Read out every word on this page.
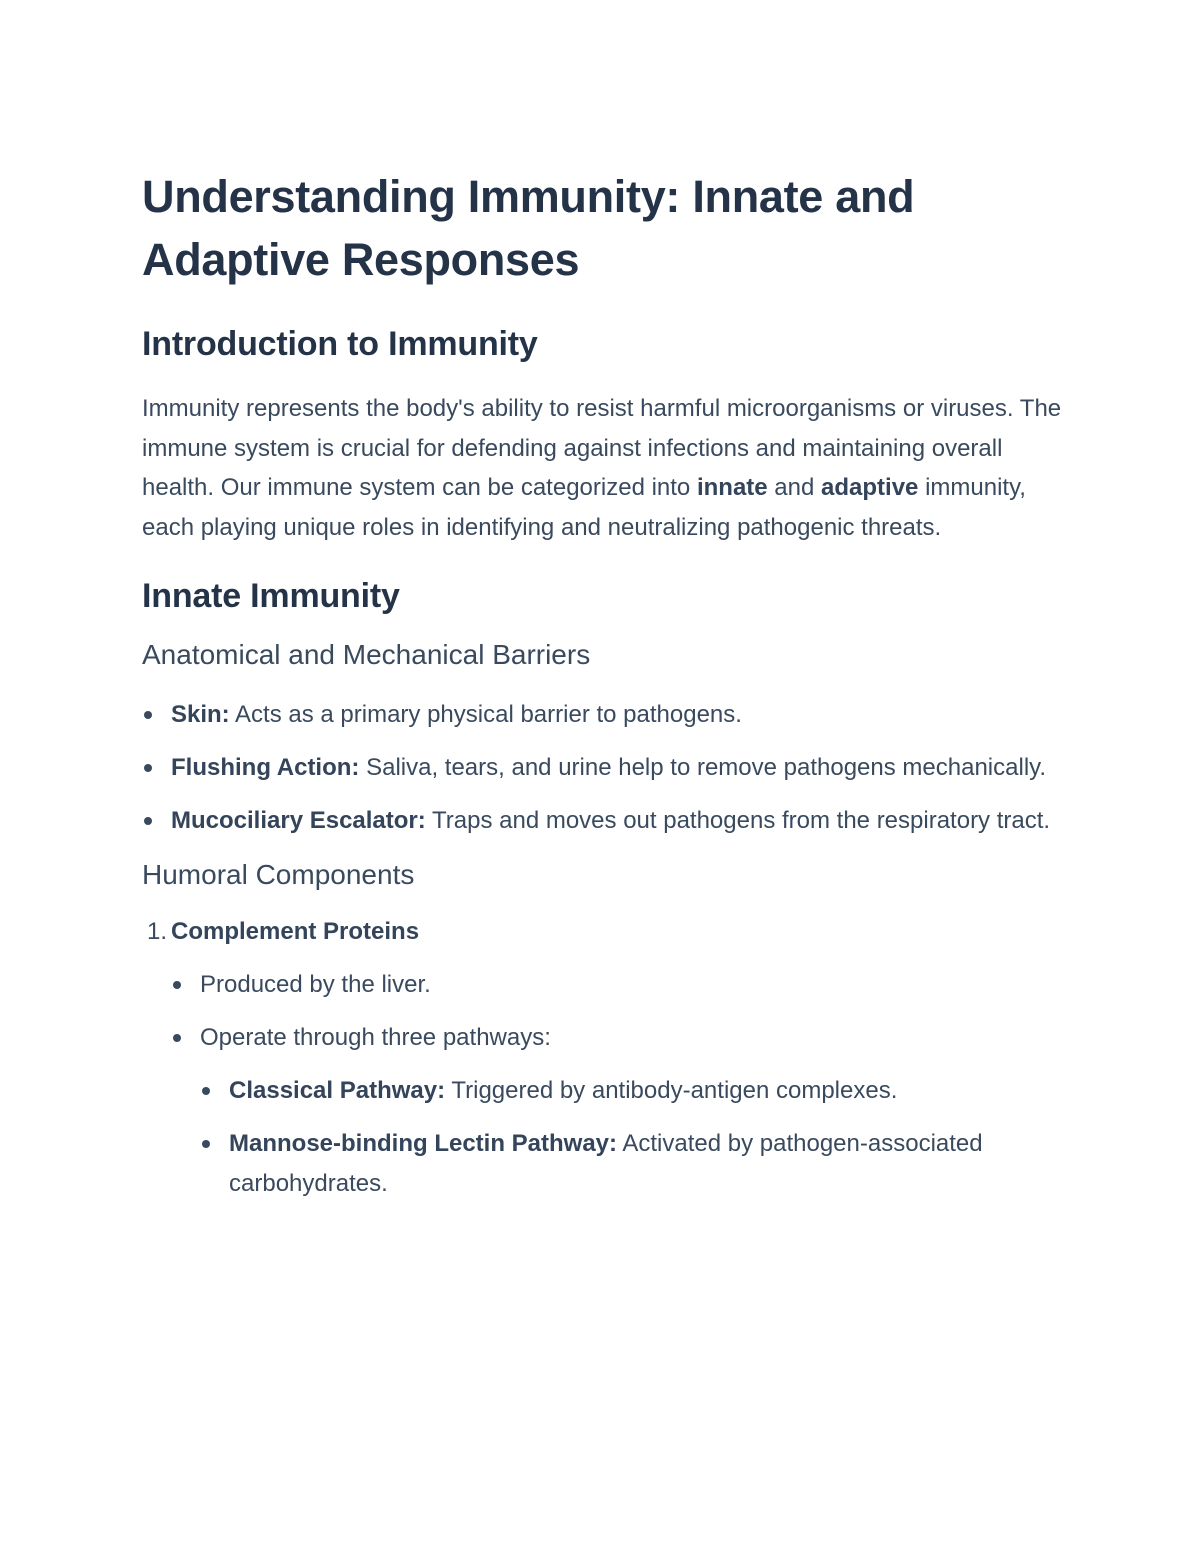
Understanding Immunity: Innate and Adaptive Responses
Introduction to Immunity

Immunity represents the body's ability to resist harmful microorganisms or viruses. The immune system is crucial for defending against infections and maintaining overall health. Our immune system can be categorized into innate and adaptive immunity, each playing unique roles in identifying and neutralizing pathogenic threats.

Innate Immunity
Anatomical and Mechanical Barriers
Skin: Acts as a primary physical barrier to pathogens.
Flushing Action: Saliva, tears, and urine help to remove pathogens mechanically.
Mucociliary Escalator: Traps and moves out pathogens from the respiratory tract.
Humoral Components
1. Complement Proteins
Produced by the liver.
Operate through three pathways:
Classical Pathway: Triggered by antibody-antigen complexes.
Mannose-binding Lectin Pathway: Activated by pathogen-associated carbohydrates.
